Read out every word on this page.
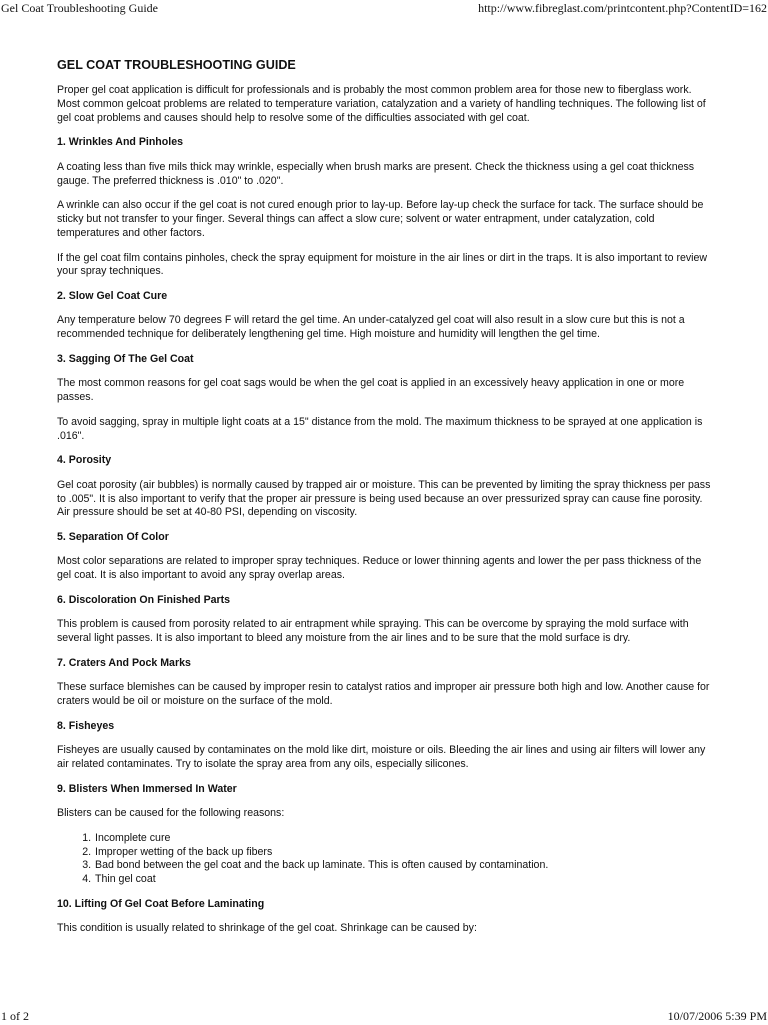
Gel Coat Troubleshooting Guide	http://www.fibreglast.com/printcontent.php?ContentID=162
GEL COAT TROUBLESHOOTING GUIDE

Proper gel coat application is difficult for professionals and is probably the most common problem area for those new to fiberglass work. Most common gelcoat problems are related to temperature variation, catalyzation and a variety of handling techniques. The following list of gel coat problems and causes should help to resolve some of the difficulties associated with gel coat.

1. Wrinkles And Pinholes

A coating less than five mils thick may wrinkle, especially when brush marks are present. Check the thickness using a gel coat thickness gauge. The preferred thickness is .010" to .020".

A wrinkle can also occur if the gel coat is not cured enough prior to lay-up. Before lay-up check the surface for tack. The surface should be sticky but not transfer to your finger. Several things can affect a slow cure; solvent or water entrapment, under catalyzation, cold temperatures and other factors.

If the gel coat film contains pinholes, check the spray equipment for moisture in the air lines or dirt in the traps. It is also important to review your spray techniques.

2. Slow Gel Coat Cure

Any temperature below 70 degrees F will retard the gel time. An under-catalyzed gel coat will also result in a slow cure but this is not a recommended technique for deliberately lengthening gel time. High moisture and humidity will lengthen the gel time.

3. Sagging Of The Gel Coat

The most common reasons for gel coat sags would be when the gel coat is applied in an excessively heavy application in one or more passes.

To avoid sagging, spray in multiple light coats at a 15" distance from the mold. The maximum thickness to be sprayed at one application is .016".

4. Porosity

Gel coat porosity (air bubbles) is normally caused by trapped air or moisture. This can be prevented by limiting the spray thickness per pass to .005". It is also important to verify that the proper air pressure is being used because an over pressurized spray can cause fine porosity. Air pressure should be set at 40-80 PSI, depending on viscosity.

5. Separation Of Color

Most color separations are related to improper spray techniques. Reduce or lower thinning agents and lower the per pass thickness of the gel coat. It is also important to avoid any spray overlap areas.

6. Discoloration On Finished Parts

This problem is caused from porosity related to air entrapment while spraying. This can be overcome by spraying the mold surface with several light passes. It is also important to bleed any moisture from the air lines and to be sure that the mold surface is dry.

7. Craters And Pock Marks

These surface blemishes can be caused by improper resin to catalyst ratios and improper air pressure both high and low. Another cause for craters would be oil or moisture on the surface of the mold.

8. Fisheyes

Fisheyes are usually caused by contaminates on the mold like dirt, moisture or oils. Bleeding the air lines and using air filters will lower any air related contaminates. Try to isolate the spray area from any oils, especially silicones.

9. Blisters When Immersed In Water

Blisters can be caused for the following reasons:

1. Incomplete cure
2. Improper wetting of the back up fibers
3. Bad bond between the gel coat and the back up laminate. This is often caused by contamination.
4. Thin gel coat
10. Lifting Of Gel Coat Before Laminating

This condition is usually related to shrinkage of the gel coat. Shrinkage can be caused by:

1 of 2	10/07/2006 5:39 PM
